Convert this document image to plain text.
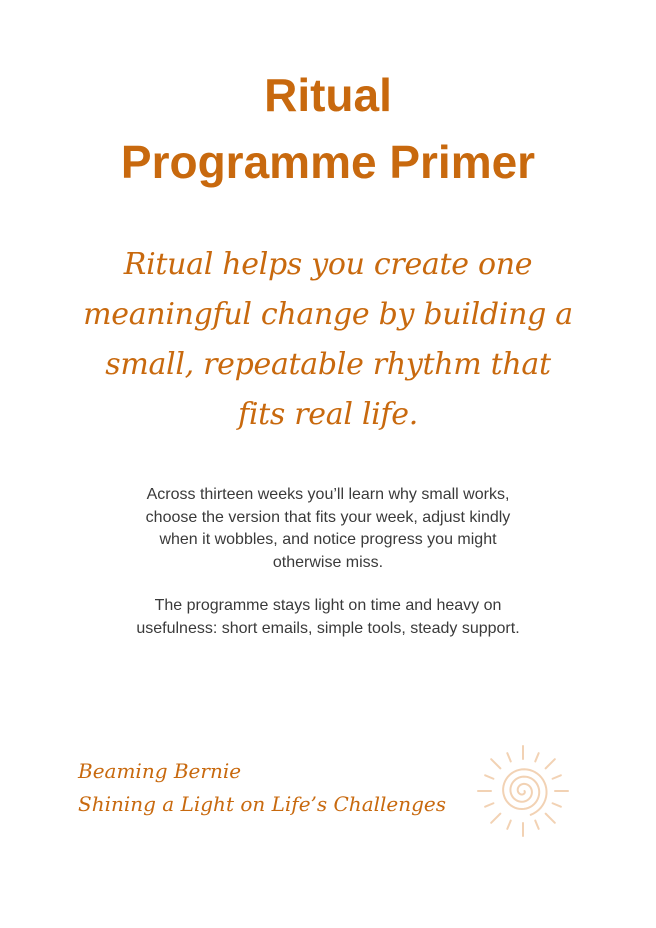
Ritual
Programme Primer

Ritual helps you create one meaningful change by building a small, repeatable rhythm that fits real life.

Across thirteen weeks you’ll learn why small works, choose the version that fits your week, adjust kindly when it wobbles, and notice progress you might otherwise miss.

The programme stays light on time and heavy on usefulness: short emails, simple tools, steady support.

Beaming Bernie

Shining a Light on Life’s Challenges
